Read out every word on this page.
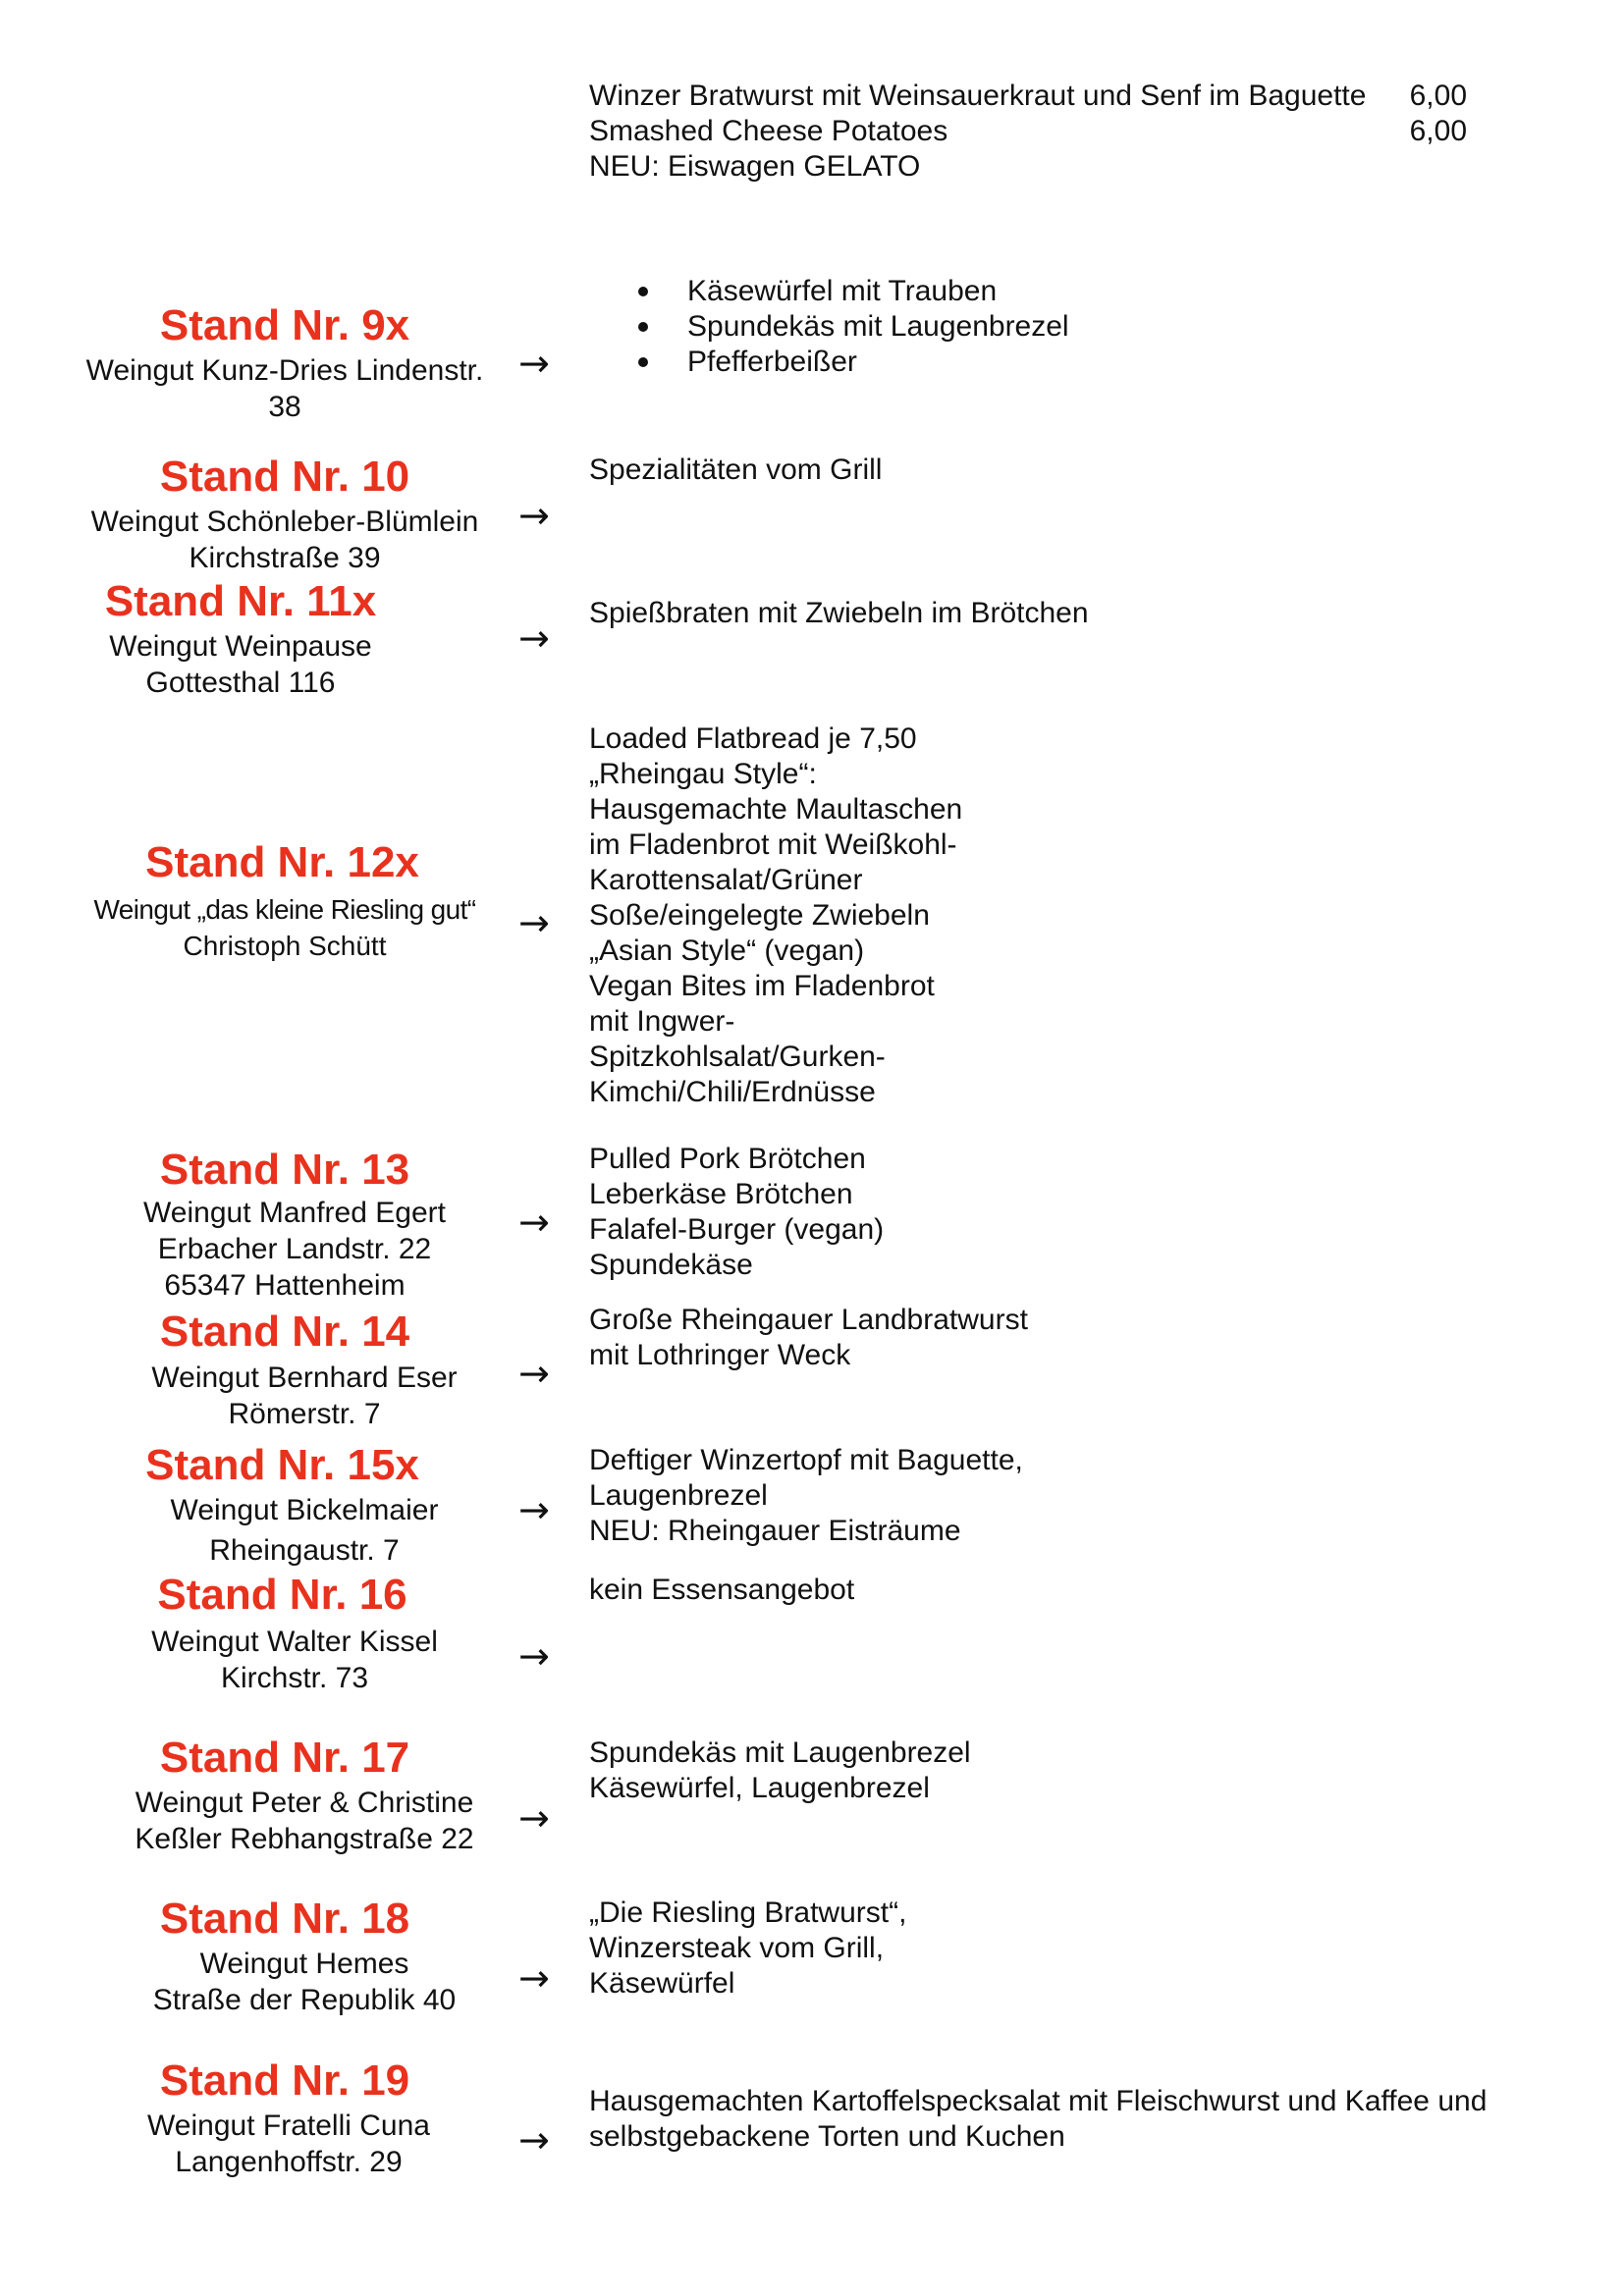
Winzer Bratwurst mit Weinsauerkraut und Senf im Baguette	6,00
Smashed Cheese Potatoes	6,00
NEU: Eiswagen GELATO
Stand Nr. 9x
Weingut Kunz-Dries Lindenstr.
38
→
Käsewürfel mit Trauben
Spundekäs mit Laugenbrezel
Pfefferbeißer
Stand Nr. 10
Weingut Schönleber-Blümlein
Kirchstraße 39
→
Spezialitäten vom Grill
Stand Nr. 11x
Weingut Weinpause
Gottesthal 116
→
Spießbraten mit Zwiebeln im Brötchen
Stand Nr. 12x
Weingut „das kleine Riesling gut“
Christoph Schütt
→
Loaded Flatbread je 7,50
„Rheingau Style“:
Hausgemachte Maultaschen
im Fladenbrot mit Weißkohl-
Karottensalat/Grüner
Soße/eingelegte Zwiebeln
„Asian Style“ (vegan)
Vegan Bites im Fladenbrot
mit Ingwer-
Spitzkohlsalat/Gurken-
Kimchi/Chili/Erdnüsse
Stand Nr. 13
Weingut Manfred Egert
Erbacher Landstr. 22
65347 Hattenheim
→
Pulled Pork Brötchen
Leberkäse Brötchen
Falafel-Burger (vegan)
Spundekäse
Stand Nr. 14
Weingut Bernhard Eser
Römerstr. 7
→
Große Rheingauer Landbratwurst
mit Lothringer Weck
Stand Nr. 15x
Weingut Bickelmaier
Rheingaustr. 7
→
Deftiger Winzertopf mit Baguette,
Laugenbrezel
NEU: Rheingauer Eisträume
Stand Nr. 16
Weingut Walter Kissel
Kirchstr. 73
→
kein Essensangebot
Stand Nr. 17
Weingut Peter & Christine
Keßler Rebhangstraße 22	→
Spundekäs mit Laugenbrezel
Käsewürfel, Laugenbrezel
Stand Nr. 18
Weingut Hemes
Straße der Republik 40
→
„Die Riesling Bratwurst“,
Winzersteak vom Grill,
Käsewürfel
Stand Nr. 19
Weingut Fratelli Cuna
Langenhoffstr. 29
→
Hausgemachten Kartoffelspecksalat mit Fleischwurst und Kaffee und
selbstgebackene Torten und Kuchen
